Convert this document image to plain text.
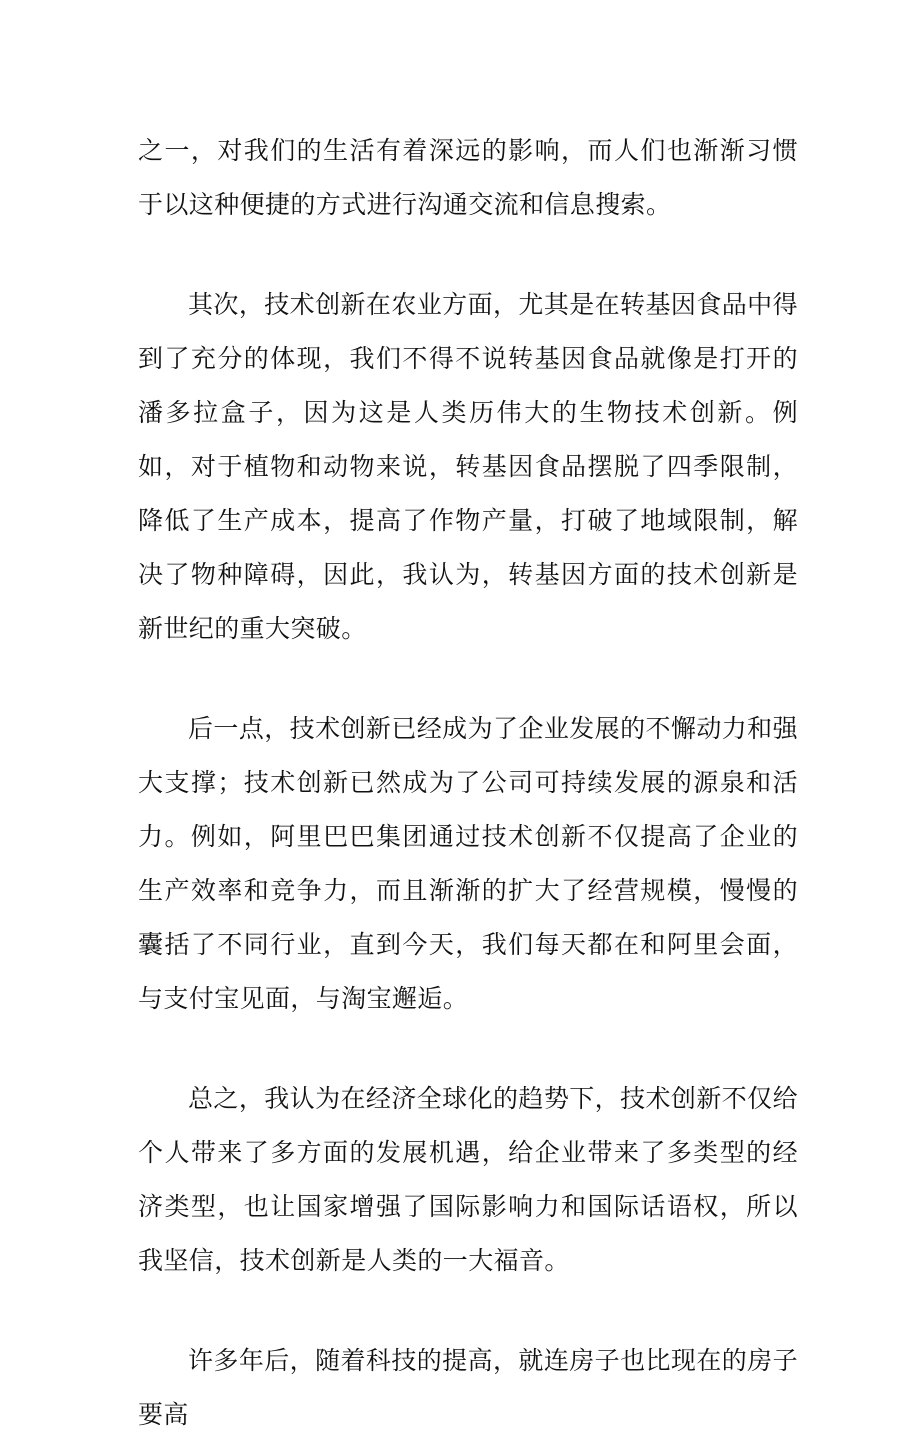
之一，对我们的生活有着深远的影响，而人们也渐渐习惯于以这种便捷的方式进行沟通交流和信息搜索。

其次，技术创新在农业方面，尤其是在转基因食品中得到了充分的体现，我们不得不说转基因食品就像是打开的潘多拉盒子，因为这是人类历伟大的生物技术创新。例如，对于植物和动物来说，转基因食品摆脱了四季限制，降低了生产成本，提高了作物产量，打破了地域限制，解决了物种障碍，因此，我认为，转基因方面的技术创新是新世纪的重大突破。

后一点，技术创新已经成为了企业发展的不懈动力和强大支撑；技术创新已然成为了公司可持续发展的源泉和活力。例如，阿里巴巴集团通过技术创新不仅提高了企业的生产效率和竞争力，而且渐渐的扩大了经营规模，慢慢的囊括了不同行业，直到今天，我们每天都在和阿里会面，与支付宝见面，与淘宝邂逅。

总之，我认为在经济全球化的趋势下，技术创新不仅给个人带来了多方面的发展机遇，给企业带来了多类型的经济类型，也让国家增强了国际影响力和国际话语权，所以我坚信，技术创新是人类的一大福音。

许多年后，随着科技的提高，就连房子也比现在的房子要高
